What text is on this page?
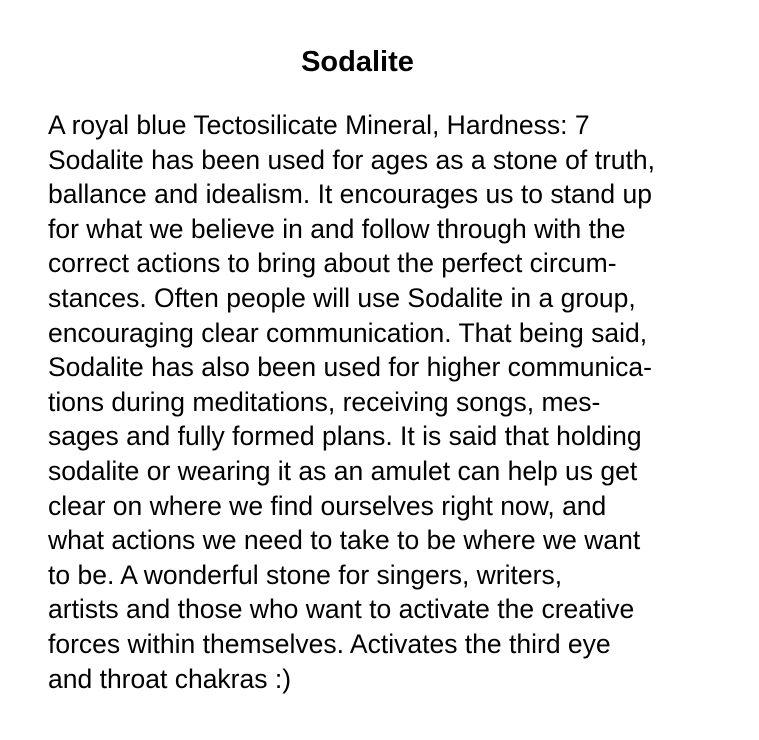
Sodalite
A royal blue Tectosilicate Mineral, Hardness: 7
Sodalite has been used for ages as a stone of truth,
ballance and idealism. It encourages us to stand up
for what we believe in and follow through with the
correct actions to bring about the perfect circum-
stances. Often people will use Sodalite in a group,
encouraging clear communication. That being said,
Sodalite has also been used for higher communica-
tions during meditations, receiving songs, mes-
sages and fully formed plans. It is said that holding
sodalite or wearing it as an amulet can help us get
clear on where we find ourselves right now, and
what actions we need to take to be where we want
to be. A wonderful stone for singers, writers,
artists and those who want to activate the creative
forces within themselves. Activates the third eye
and throat chakras :)
